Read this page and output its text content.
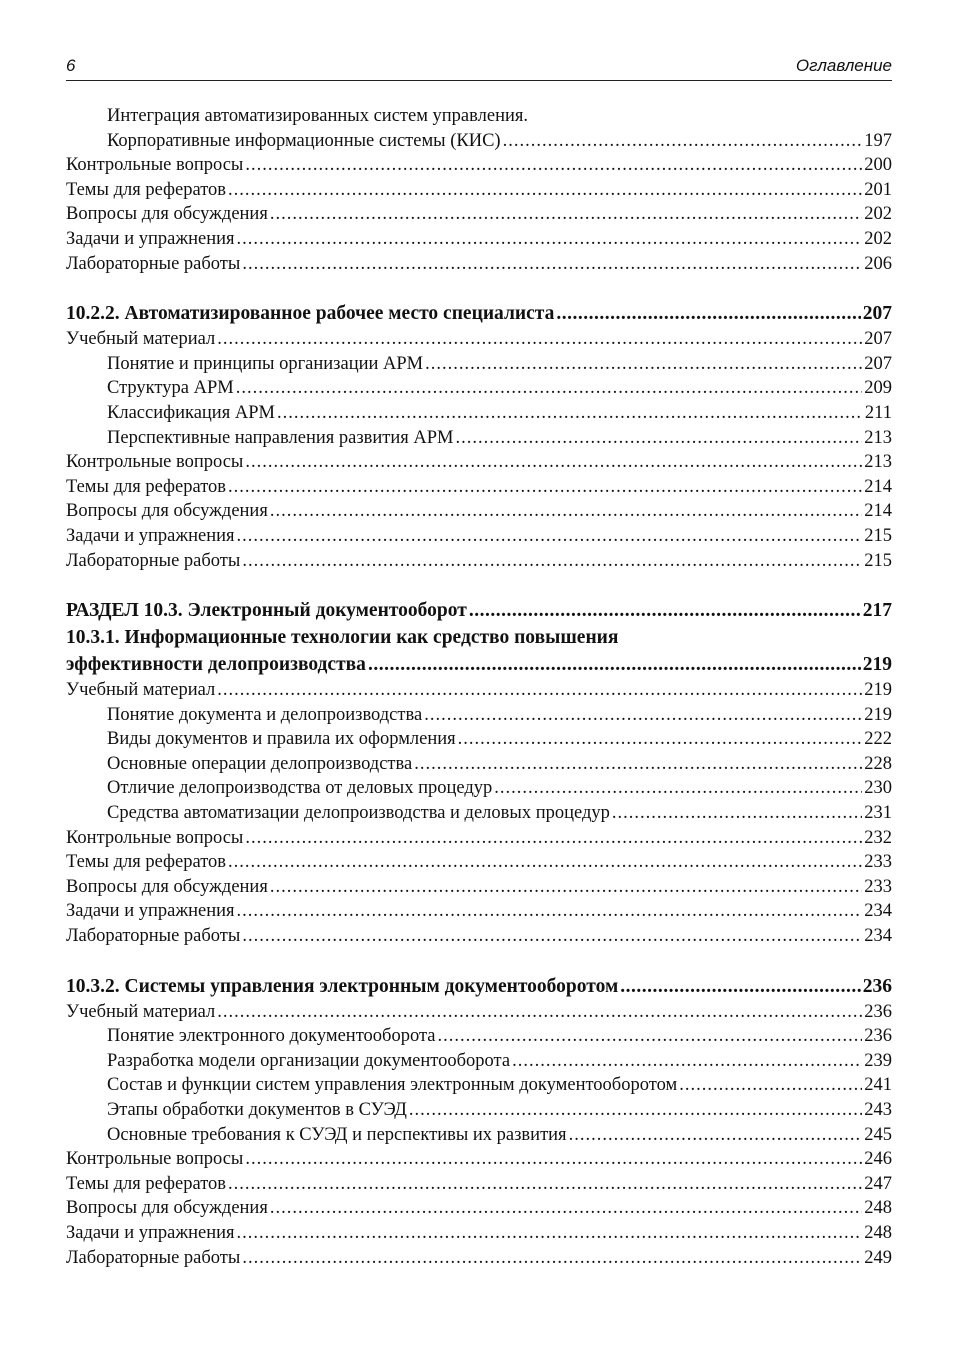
6	Оглавление
Интеграция автоматизированных систем управления.
Корпоративные информационные системы (КИС) .....	197
Контрольные вопросы .....	200
Темы для рефератов .....	201
Вопросы для обсуждения .....	202
Задачи и упражнения .....	202
Лабораторные работы .....	206
10.2.2. Автоматизированное рабочее место специалиста .....	207
Учебный материал .....	207
Понятие и принципы организации АРМ .....	207
Структура АРМ .....	209
Классификация АРМ .....	211
Перспективные направления развития АРМ .....	213
Контрольные вопросы .....	213
Темы для рефератов .....	214
Вопросы для обсуждения .....	214
Задачи и упражнения .....	215
Лабораторные работы .....	215
РАЗДЕЛ 10.3. Электронный документооборот .....	217
10.3.1. Информационные технологии как средство повышения
эффективности делопроизводства .....	219
Учебный материал .....	219
Понятие документа и делопроизводства .....	219
Виды документов и правила их оформления .....	222
Основные операции делопроизводства .....	228
Отличие делопроизводства от деловых процедур .....	230
Средства автоматизации делопроизводства и деловых процедур .....	231
Контрольные вопросы .....	232
Темы для рефератов .....	233
Вопросы для обсуждения .....	233
Задачи и упражнения .....	234
Лабораторные работы .....	234
10.3.2. Системы управления электронным документооборотом .....	236
Учебный материал .....	236
Понятие электронного документооборота .....	236
Разработка модели организации документооборота .....	239
Состав и функции систем управления электронным документооборотом .....	241
Этапы обработки документов в СУЭД .....	243
Основные требования к СУЭД и перспективы их развития .....	245
Контрольные вопросы .....	246
Темы для рефератов .....	247
Вопросы для обсуждения .....	248
Задачи и упражнения .....	248
Лабораторные работы .....	249
